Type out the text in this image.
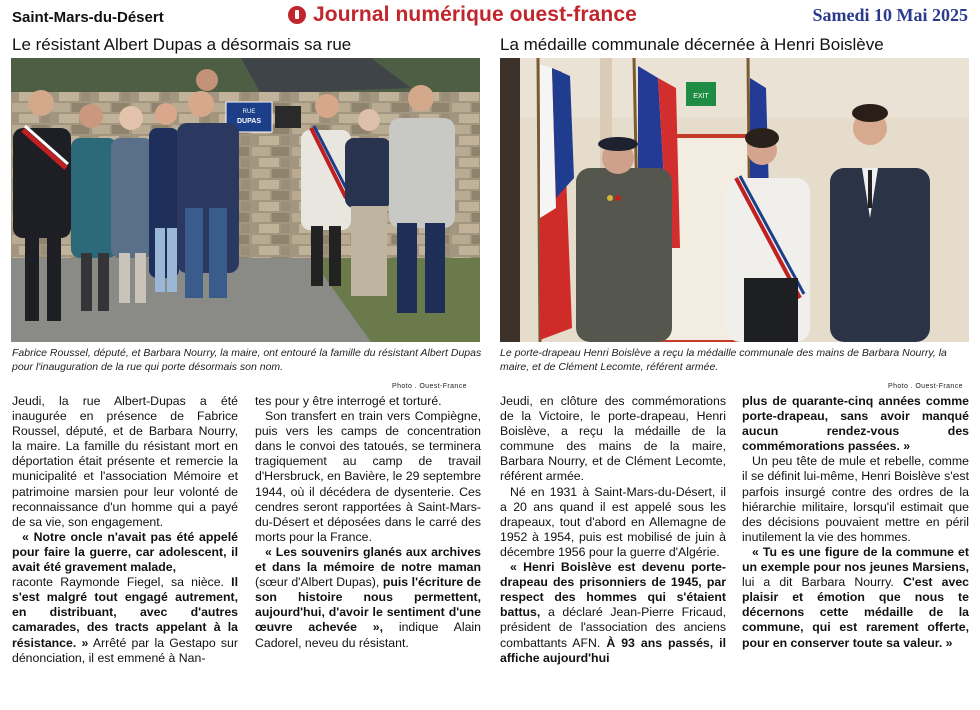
Saint-Mars-du-Désert	Journal numérique ouest-france	Samedi 10 Mai 2025
Le résistant Albert Dupas a désormais sa rue	La médaille communale décernée à Henri Boislève
RUE
DUPAS
Fabrice Roussel, député, et Barbara Nourry, la maire, ont entouré la famille du résistant Albert Dupas pour l'inauguration de la rue qui porte désormais son nom.
Photo . Ouest-France
EXIT
Le porte-drapeau Henri Boislève a reçu la médaille communale des mains de Barbara Nourry, la maire, et de Clément Lecomte, référent armée.
Photo . Ouest-France

Jeudi, la rue Albert-Dupas a été inaugurée en présence de Fabrice Roussel, député, et de Barbara Nourry, la maire. La famille du résistant mort en déportation était présente et remercie la municipalité et l'association Mémoire et patrimoine marsien pour leur volonté de reconnaissance d'un homme qui a payé de sa vie, son engagement.

« Notre oncle n'avait pas été appelé pour faire la guerre, car adolescent, il avait été gravement malade,

raconte Raymonde Fiegel, sa nièce. Il s'est malgré tout engagé autrement, en distribuant, avec d'autres camarades, des tracts appelant à la résistance. » Arrêté par la Gestapo sur dénonciation, il est emmené à Nan-

tes pour y être interrogé et torturé.

Son transfert en train vers Compiègne, puis vers les camps de concentration dans le convoi des tatoués, se terminera tragiquement au camp de travail d'Hersbruck, en Bavière, le 29 septembre 1944, où il décédera de dysenterie. Ces cendres seront rapportées à Saint-Mars-du-Désert et déposées dans le carré des morts pour la France.

« Les souvenirs glanés aux archives et dans la mémoire de notre maman (sœur d'Albert Dupas), puis l'écriture de son histoire nous permettent, aujourd'hui, d'avoir le sentiment d'une œuvre achevée », indique Alain Cadorel, neveu du résistant.

Jeudi, en clôture des commémorations de la Victoire, le porte-drapeau, Henri Boislève, a reçu la médaille de la commune des mains de la maire, Barbara Nourry, et de Clément Lecomte, référent armée.

Né en 1931 à Saint-Mars-du-Désert, il a 20 ans quand il est appelé sous les drapeaux, tout d'abord en Allemagne de 1952 à 1954, puis est mobilisé de juin à décembre 1956 pour la guerre d'Algérie.

« Henri Boislève est devenu porte-drapeau des prisonniers de 1945, par respect des hommes qui s'étaient battus, a déclaré Jean-Pierre Fricaud, président de l'association des anciens combattants AFN. À 93 ans passés, il affiche aujourd'hui

plus de quarante-cinq années comme porte-drapeau, sans avoir manqué aucun rendez-vous des commémorations passées. »

Un peu tête de mule et rebelle, comme il se définit lui-même, Henri Boislève s'est parfois insurgé contre des ordres de la hiérarchie militaire, lorsqu'il estimait que des décisions pouvaient mettre en péril inutilement la vie des hommes.

« Tu es une figure de la commune et un exemple pour nos jeunes Marsiens, lui a dit Barbara Nourry. C'est avec plaisir et émotion que nous te décernons cette médaille de la commune, qui est rarement offerte, pour en conserver toute sa valeur. »
